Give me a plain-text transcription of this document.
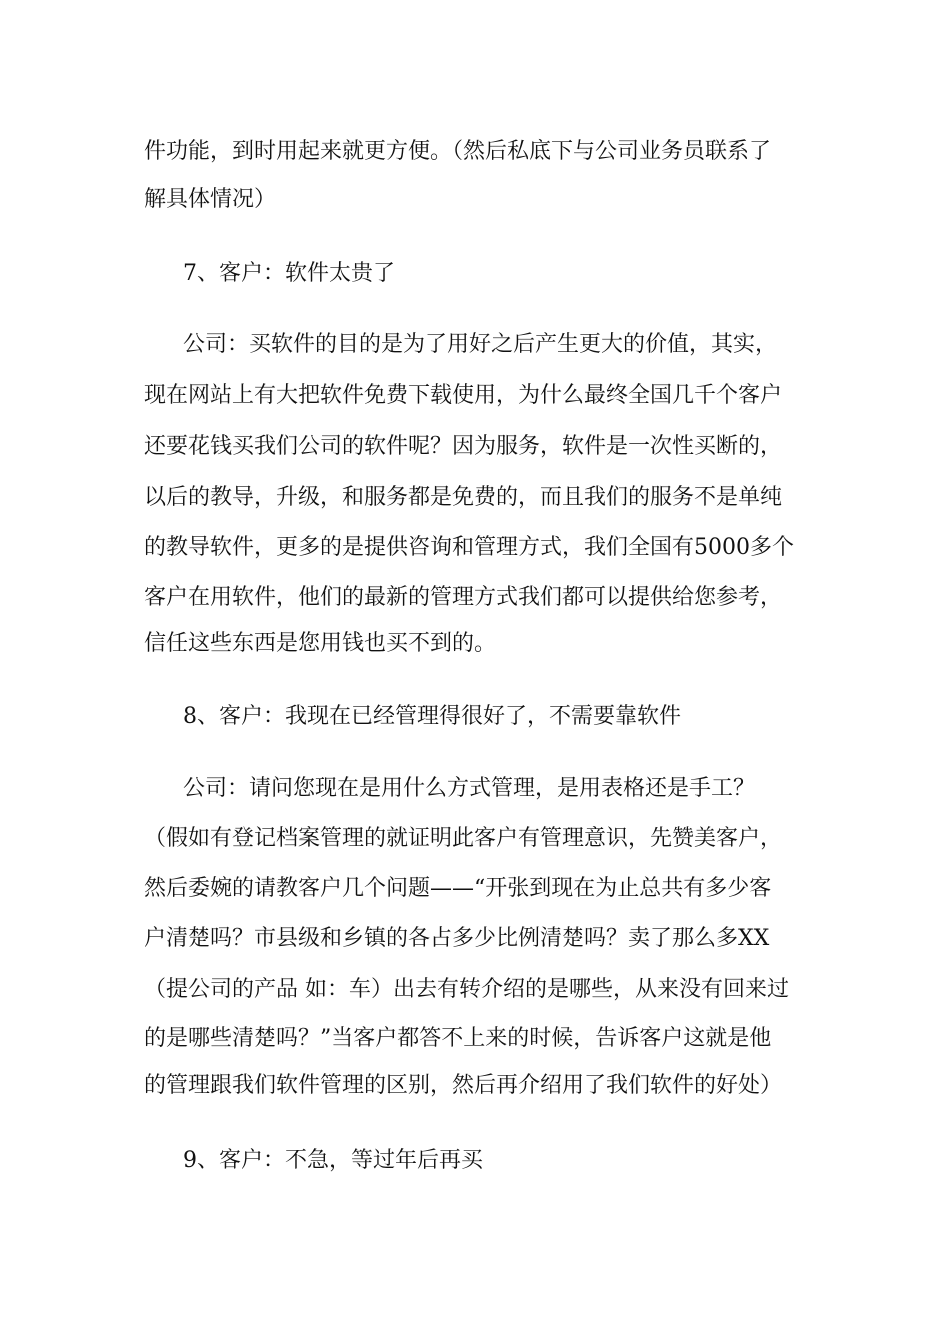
件功能，到时用起来就更方便。（然后私底下与公司业务员联系了
解具体情况）
7、客户：软件太贵了
公司：买软件的目的是为了用好之后产生更大的价值，其实，
现在网站上有大把软件免费下载使用，为什么最终全国几千个客户
还要花钱买我们公司的软件呢？因为服务，软件是一次性买断的，
以后的教导，升级，和服务都是免费的，而且我们的服务不是单纯
的教导软件，更多的是提供咨询和管理方式，我们全国有5000多个
客户在用软件，他们的最新的管理方式我们都可以提供给您参考，
信任这些东西是您用钱也买不到的。
8、客户：我现在已经管理得很好了，不需要靠软件
公司：请问您现在是用什么方式管理，是用表格还是手工？
（假如有登记档案管理的就证明此客户有管理意识，先赞美客户，
然后委婉的请教客户几个问题——“开张到现在为止总共有多少客
户清楚吗？市县级和乡镇的各占多少比例清楚吗？卖了那么多XX
（提公司的产品 如：车）出去有转介绍的是哪些，从来没有回来过
的是哪些清楚吗？”当客户都答不上来的时候，告诉客户这就是他
的管理跟我们软件管理的区别，然后再介绍用了我们软件的好处）
9、客户：不急，等过年后再买
